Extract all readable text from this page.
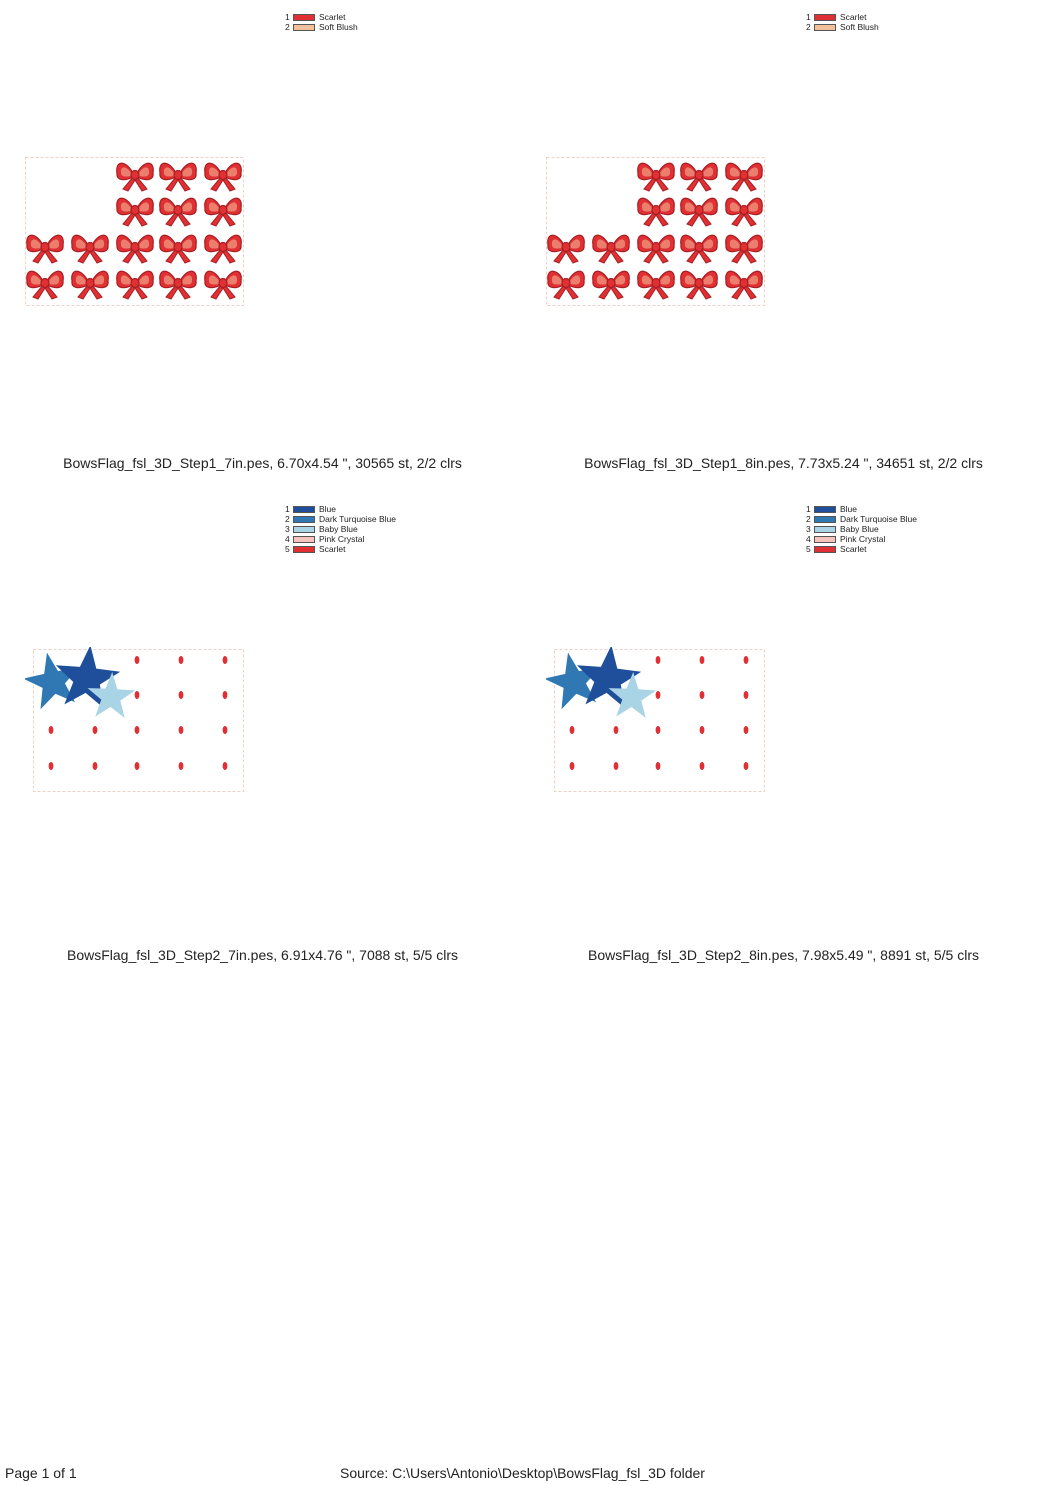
1	Scarlet
2	Soft Blush
BowsFlag_fsl_3D_Step1_7in.pes, 6.70x4.54 ", 30565 st, 2/2 clrs
1	Scarlet
2	Soft Blush
BowsFlag_fsl_3D_Step1_8in.pes, 7.73x5.24 ", 34651 st, 2/2 clrs
1	Blue
2	Dark Turquoise Blue
3	Baby Blue
4	Pink Crystal
5	Scarlet
BowsFlag_fsl_3D_Step2_7in.pes, 6.91x4.76 ", 7088 st, 5/5 clrs
1	Blue
2	Dark Turquoise Blue
3	Baby Blue
4	Pink Crystal
5	Scarlet
BowsFlag_fsl_3D_Step2_8in.pes, 7.98x5.49 ", 8891 st, 5/5 clrs
Page 1 of 1	Source: C:\Users\Antonio\Desktop\BowsFlag_fsl_3D folder
